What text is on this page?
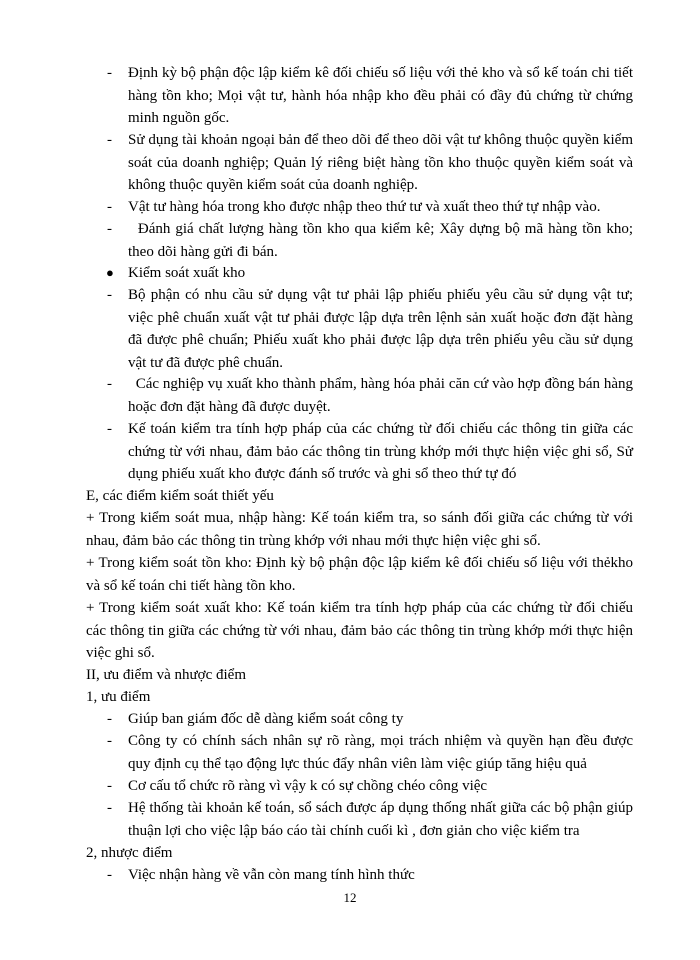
- Định kỳ bộ phận độc lập kiểm kê đối chiếu số liệu với thẻ kho và sổ kế toán chi tiết hàng tồn kho; Mọi vật tư, hành hóa nhập kho đều phải có đầy đủ chứng từ chứng minh nguồn gốc.
- Sử dụng tài khoản ngoại bản để theo dõi để theo dõi vật tư không thuộc quyền kiểm soát của doanh nghiệp; Quản lý riêng biệt hàng tồn kho thuộc quyền kiểm soát và không thuộc quyền kiểm soát của doanh nghiệp.
- Vật tư hàng hóa trong kho được nhập theo thứ tư và xuất theo thứ tự nhập vào.
- Đánh giá chất lượng hàng tồn kho qua kiểm kê; Xây dựng bộ mã hàng tồn kho; theo dõi hàng gửi đi bán.
● Kiểm soát xuất kho
- Bộ phận có nhu cầu sử dụng vật tư phải lập phiếu phiếu yêu cầu sử dụng vật tư; việc phê chuẩn xuất vật tư phải được lập dựa trên lệnh sản xuất hoặc đơn đặt hàng đã được phê chuẩn; Phiếu xuất kho phải được lập dựa trên phiếu yêu cầu sử dụng vật tư đã được phê chuẩn.
- Các nghiệp vụ xuất kho thành phẩm, hàng hóa phải căn cứ vào hợp đồng bán hàng hoặc đơn đặt hàng đã được duyệt.
- Kế toán kiểm tra tính hợp pháp của các chứng từ đối chiếu các thông tin giữa các chứng từ với nhau, đảm bảo các thông tin trùng khớp mới thực hiện việc ghi sổ, Sử dụng phiếu xuất kho được đánh số trước và ghi sổ theo thứ tự đó
E, các điểm kiểm soát thiết yếu
+ Trong kiểm soát mua, nhập hàng: Kế toán kiểm tra, so sánh đối giữa các chứng từ với nhau, đảm bảo các thông tin trùng khớp với nhau mới thực hiện việc ghi sổ.
+ Trong kiểm soát tồn kho: Định kỳ bộ phận độc lập kiểm kê đối chiếu số liệu với thẻkho và sổ kế toán chi tiết hàng tồn kho.
+ Trong kiểm soát xuất kho: Kế toán kiểm tra tính hợp pháp của các chứng từ đối chiếu các thông tin giữa các chứng từ với nhau, đảm bảo các thông tin trùng khớp mới thực hiện việc ghi sổ.
II, ưu điểm và nhược điểm
1, ưu điểm
- Giúp ban giám đốc dễ dàng kiểm soát công ty
- Công ty có chính sách nhân sự rõ ràng, mọi trách nhiệm và quyền hạn đều được quy định cụ thể tạo động lực thúc đẩy nhân viên làm việc giúp tăng hiệu quả
- Cơ cấu tổ chức rõ ràng vì vậy k có sự chồng chéo công việc
- Hệ thống tài khoản kế toán, sổ sách được áp dụng thống nhất giữa các bộ phận giúp thuận lợi cho việc lập báo cáo tài chính cuối kì , đơn giản cho việc kiểm tra
2, nhược điểm
- Việc nhận hàng về vẫn còn mang tính hình thức
12
